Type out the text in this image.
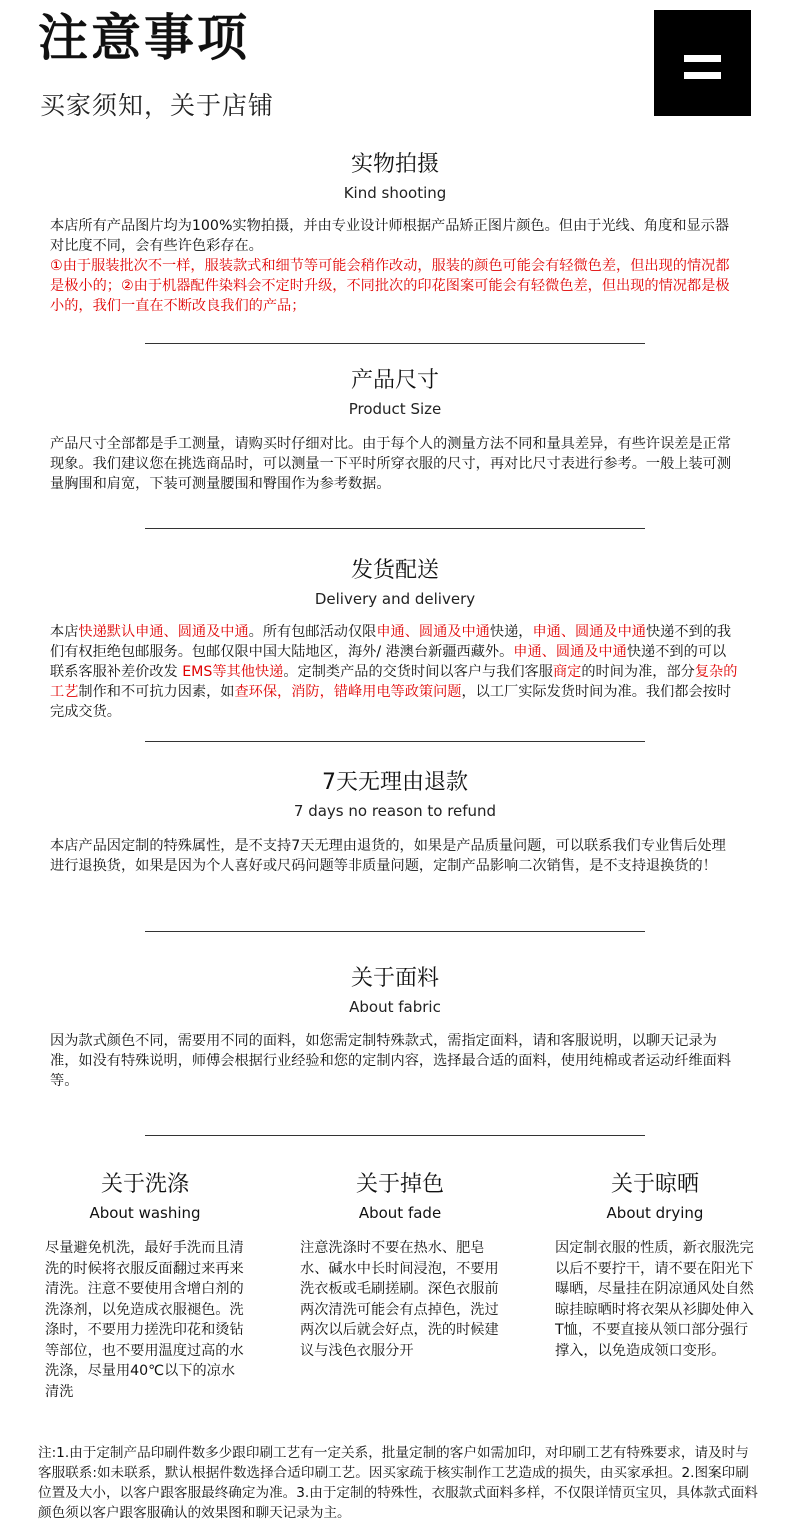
注意事项
买家须知，关于店铺
实物拍摄
Kind shooting
本店所有产品图片均为100%实物拍摄，并由专业设计师根据产品矫正图片颜色。但由于光线、角度和显示器对比度不同，会有些许色彩存在。
①由于服装批次不一样，服装款式和细节等可能会稍作改动，服装的颜色可能会有轻微色差，但出现的情况都是极小的；②由于机器配件染料会不定时升级，不同批次的印花图案可能会有轻微色差，但出现的情况都是极小的，我们一直在不断改良我们的产品；
产品尺寸
Product Size
产品尺寸全部都是手工测量，请购买时仔细对比。由于每个人的测量方法不同和量具差异，有些许误差是正常现象。我们建议您在挑选商品时，可以测量一下平时所穿衣服的尺寸，再对比尺寸表进行参考。一般上装可测量胸围和肩宽，下装可测量腰围和臀围作为参考数据。
发货配送
Delivery and delivery
本店快递默认申通、圆通及中通。所有包邮活动仅限申通、圆通及中通快递，申通、圆通及中通快递不到的我们有权拒绝包邮服务。包邮仅限中国大陆地区，海外/ 港澳台新疆西藏外。申通、圆通及中通快递不到的可以联系客服补差价改发 EMS等其他快递。定制类产品的交货时间以客户与我们客服商定的时间为准，部分复杂的工艺制作和不可抗力因素，如查环保，消防，错峰用电等政策问题，以工厂实际发货时间为准。我们都会按时完成交货。
7天无理由退款
7 days no reason to refund
本店产品因定制的特殊属性，是不支持7天无理由退货的，如果是产品质量问题，可以联系我们专业售后处理进行退换货，如果是因为个人喜好或尺码问题等非质量问题，定制产品影响二次销售，是不支持退换货的！
关于面料
About fabric
因为款式颜色不同，需要用不同的面料，如您需定制特殊款式，需指定面料，请和客服说明，以聊天记录为准，如没有特殊说明，师傅会根据行业经验和您的定制内容，选择最合适的面料，使用纯棉或者运动纤维面料等。
关于洗涤
About washing
尽量避免机洗，最好手洗而且清洗的时候将衣服反面翻过来再来清洗。注意不要使用含增白剂的洗涤剂，以免造成衣服褪色。洗涤时，不要用力搓洗印花和烫钻等部位，也不要用温度过高的水洗涤，尽量用40℃以下的凉水清洗
关于掉色
About fade
注意洗涤时不要在热水、肥皂水、碱水中长时间浸泡，不要用洗衣板或毛刷搓刷。深色衣服前两次清洗可能会有点掉色，洗过两次以后就会好点，洗的时候建议与浅色衣服分开
关于晾晒
About drying
因定制衣服的性质，新衣服洗完以后不要拧干，请不要在阳光下曝晒，尽量挂在阴凉通风处自然晾挂晾晒时将衣架从衫脚处伸入T恤，不要直接从领口部分强行撑入，以免造成领口变形。
注:1.由于定制产品印刷件数多少跟印刷工艺有一定关系，批量定制的客户如需加印，对印刷工艺有特殊要求，请及时与客服联系:如未联系，默认根据件数选择合适印刷工艺。因买家疏于核实制作工艺造成的损失，由买家承担。2.图案印刷位置及大小，以客户跟客服最终确定为准。3.由于定制的特殊性，衣服款式面料多样，不仅限详情页宝贝，具体款式面料颜色须以客户跟客服确认的效果图和聊天记录为主。
